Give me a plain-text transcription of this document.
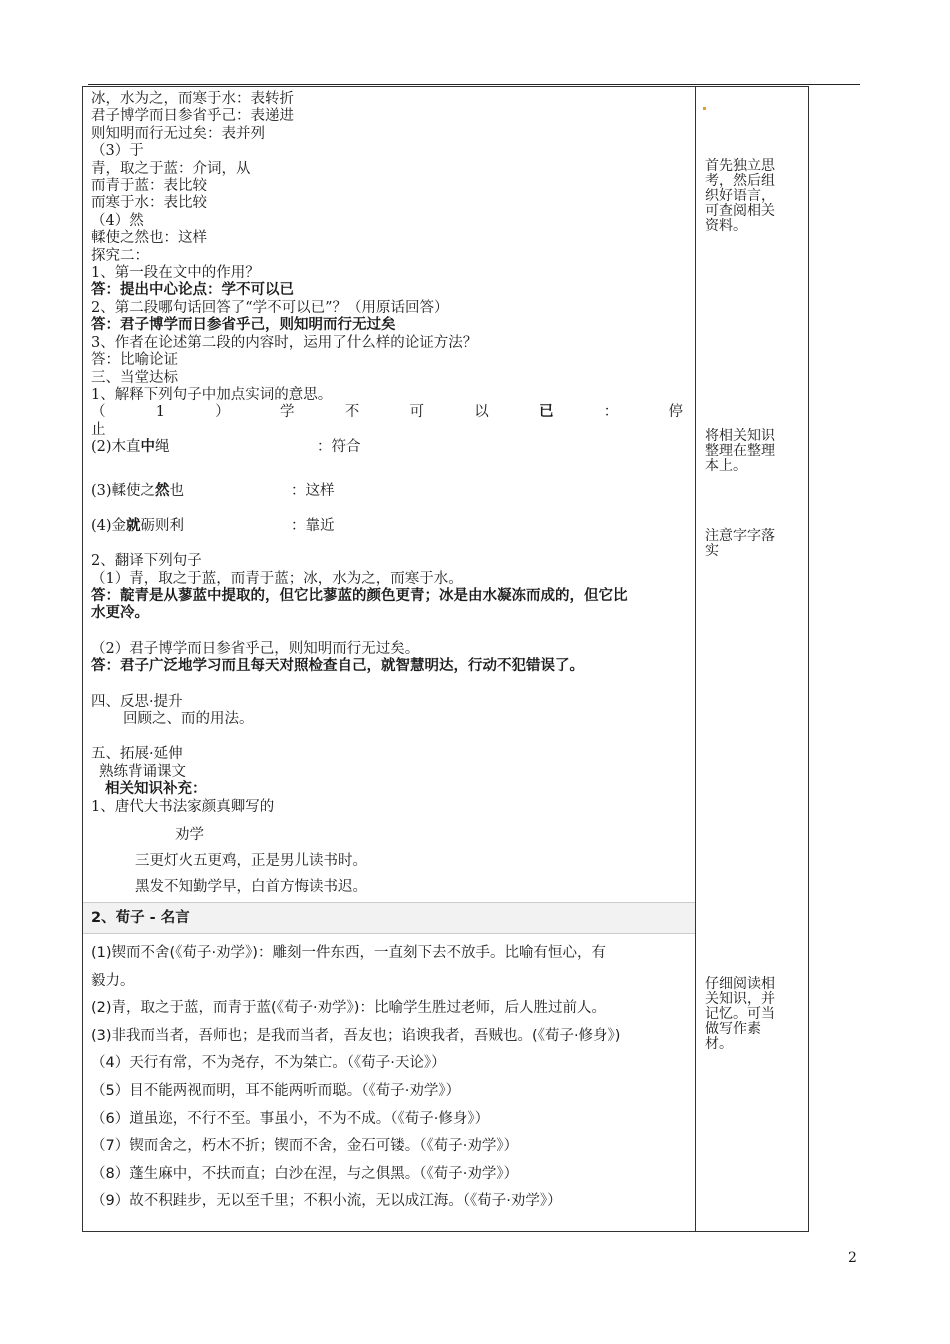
冰，水为之，而寒于水：表转折
君子博学而日参省乎己：表递进
则知明而行无过矣：表并列
（3）于
青，取之于蓝：介词，从
而青于蓝：表比较
而寒于水：表比较
（4）然
輮使之然也：这样
探究二：
1、第一段在文中的作用？
答：提出中心论点：学不可以已
2、第二段哪句话回答了“学不可以已”？（用原话回答）
答：君子博学而日参省乎己，则知明而行无过矣
3、作者在论述第二段的内容时，运用了什么样的论证方法？
答：比喻论证
三、当堂达标
1、解释下列句子中加点实词的意思。
（	1	）	学	不	可	以	已	：	停
止
(2)木直中绳	：符合
(3)輮使之然也	：这样
(4)金就砺则利	：靠近
2、翻译下列句子
（1）青，取之于蓝，而青于蓝；冰，水为之，而寒于水。
答：靛青是从蓼蓝中提取的，但它比蓼蓝的颜色更青；冰是由水凝冻而成的，但它比
水更冷。
（2）君子博学而日参省乎己，则知明而行无过矣。
答：君子广泛地学习而且每天对照检查自己，就智慧明达，行动不犯错误了。
四、反思·提升
回顾之、而的用法。
五、拓展·延伸
熟练背诵课文
相关知识补充：
1、唐代大书法家颜真卿写的
劝学
三更灯火五更鸡，正是男儿读书时。
黑发不知勤学早，白首方悔读书迟。
2、荀子 - 名言
(1)锲而不舍(《荀子·劝学》)：雕刻一件东西，一直刻下去不放手。比喻有恒心，有
毅力。
(2)青，取之于蓝，而青于蓝(《荀子·劝学》)：比喻学生胜过老师，后人胜过前人。
(3)非我而当者，吾师也；是我而当者，吾友也；谄谀我者，吾贼也。(《荀子·修身》)
（4）天行有常，不为尧存，不为桀亡。（《荀子·天论》）
（5）目不能两视而明，耳不能两听而聪。（《荀子·劝学》）
（6）道虽迩，不行不至。事虽小，不为不成。（《荀子·修身》）
（7）锲而舍之，朽木不折；锲而不舍，金石可镂。（《荀子·劝学》）
（8）蓬生麻中，不扶而直；白沙在涅，与之俱黑。（《荀子·劝学》）
（9）故不积跬步，无以至千里；不积小流，无以成江海。（《荀子·劝学》）
首先独立思考，然后组织好语言，可查阅相关资料。
将相关知识整理在整理本上。
注意字字落实
仔细阅读相关知识，并记忆。可当做写作素材。
2
